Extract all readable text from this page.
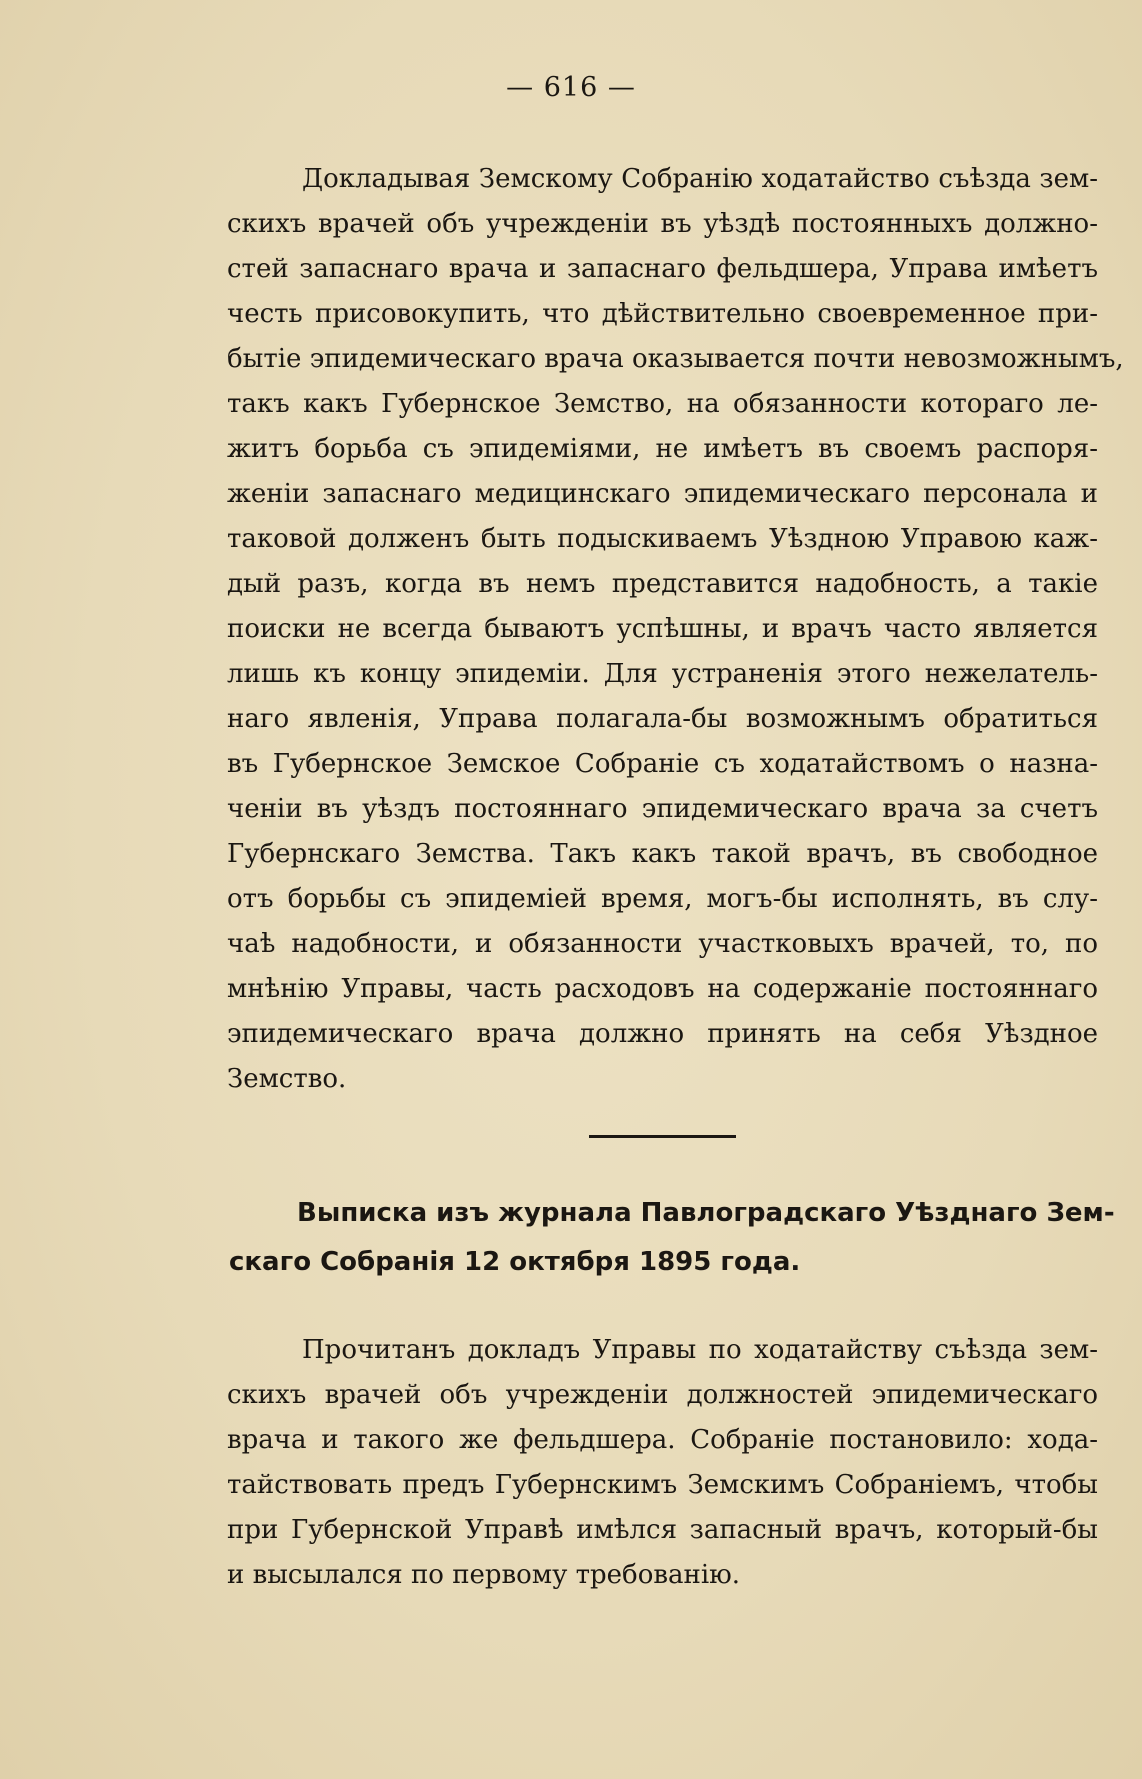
— 616 —
Докладывая Земскому Собранію ходатайство съѣзда зем-
скихъ врачей объ учрежденіи въ уѣздѣ постоянныхъ должно-
стей запаснаго врача и запаснаго фельдшера, Управа имѣетъ
честь присовокупить, что дѣйствительно своевременное при-
бытіе эпидемическаго врача оказывается почти невозможнымъ,
такъ какъ Губернское Земство, на обязанности котораго ле-
житъ борьба съ эпидеміями, не имѣетъ въ своемъ распоря-
женіи запаснаго медицинскаго эпидемическаго персонала и
таковой долженъ быть подыскиваемъ Уѣздною Управою каж-
дый разъ, когда въ немъ представится надобность, а такіе
поиски не всегда бываютъ успѣшны, и врачъ часто является
лишь къ концу эпидеміи. Для устраненія этого нежелатель-
наго явленія, Управа полагала-бы возможнымъ обратиться
въ Губернское Земское Собраніе съ ходатайствомъ о назна-
ченіи въ уѣздъ постояннаго эпидемическаго врача за счетъ
Губернскаго Земства. Такъ какъ такой врачъ, въ свободное
отъ борьбы съ эпидеміей время, могъ-бы исполнять, въ слу-
чаѣ надобности, и обязанности участковыхъ врачей, то, по
мнѣнію Управы, часть расходовъ на содержаніе постояннаго
эпидемическаго врача должно принять на себя Уѣздное
Земство.
Выписка изъ журнала Павлоградскаго Уѣзднаго Зем-
скаго Собранія 12 октября 1895 года.
Прочитанъ докладъ Управы по ходатайству съѣзда зем-
скихъ врачей объ учрежденіи должностей эпидемическаго
врача и такого же фельдшера. Собраніе постановило: хода-
тайствовать предъ Губернскимъ Земскимъ Собраніемъ, чтобы
при Губернской Управѣ имѣлся запасный врачъ, который-бы
и высылался по первому требованію.
